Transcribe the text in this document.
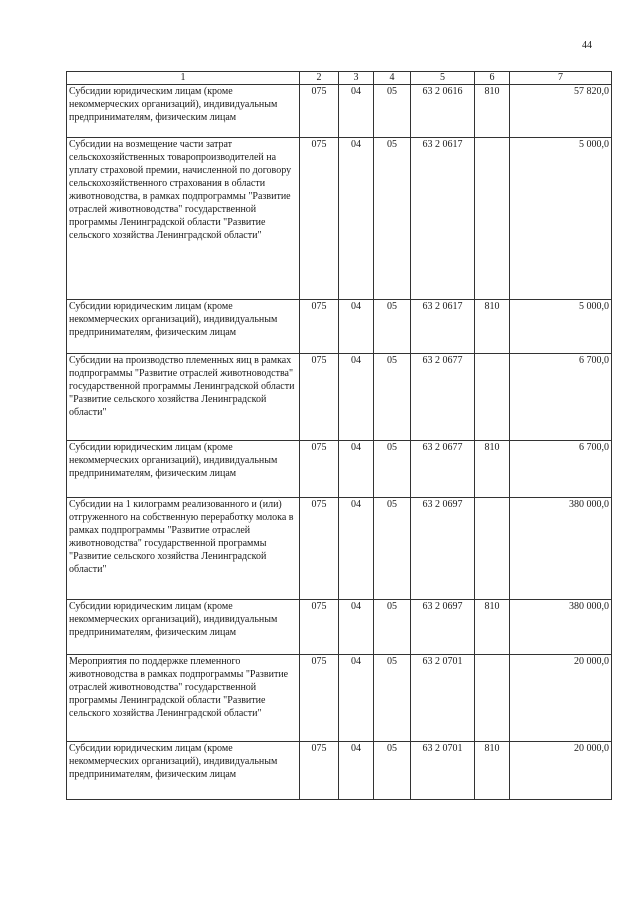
44
1	2	3	4	5	6	7
Субсидии юридическим лицам (кроме некоммерческих организаций), индивидуальным предпринимателям, физическим лицам	075	04	05	63 2 0616	810	57 820,0
Субсидии на возмещение части затрат сельскохозяйственных товаропроизводителей на уплату страховой премии, начисленной по договору сельскохозяйственного страхования в области животноводства, в рамках подпрограммы "Развитие отраслей животноводства" государственной программы Ленинградской области "Развитие сельского хозяйства Ленинградской области"	075	04	05	63 2 0617		5 000,0
Субсидии юридическим лицам (кроме некоммерческих организаций), индивидуальным предпринимателям, физическим лицам	075	04	05	63 2 0617	810	5 000,0
Субсидии на производство племенных яиц в рамках подпрограммы "Развитие отраслей животноводства" государственной программы Ленинградской области "Развитие сельского хозяйства Ленинградской области"	075	04	05	63 2 0677		6 700,0
Субсидии юридическим лицам (кроме некоммерческих организаций), индивидуальным предпринимателям, физическим лицам	075	04	05	63 2 0677	810	6 700,0
Субсидии на 1 килограмм реализованного и (или) отгруженного на собственную переработку молока в рамках подпрограммы "Развитие отраслей животноводства" государственной программы "Развитие сельского хозяйства Ленинградской области"	075	04	05	63 2 0697		380 000,0
Субсидии юридическим лицам (кроме некоммерческих организаций), индивидуальным предпринимателям, физическим лицам	075	04	05	63 2 0697	810	380 000,0
Мероприятия по поддержке племенного животноводства в рамках подпрограммы "Развитие отраслей животноводства" государственной программы Ленинградской области "Развитие сельского хозяйства Ленинградской области"	075	04	05	63 2 0701		20 000,0
Субсидии юридическим лицам (кроме некоммерческих организаций), индивидуальным предпринимателям, физическим лицам	075	04	05	63 2 0701	810	20 000,0
